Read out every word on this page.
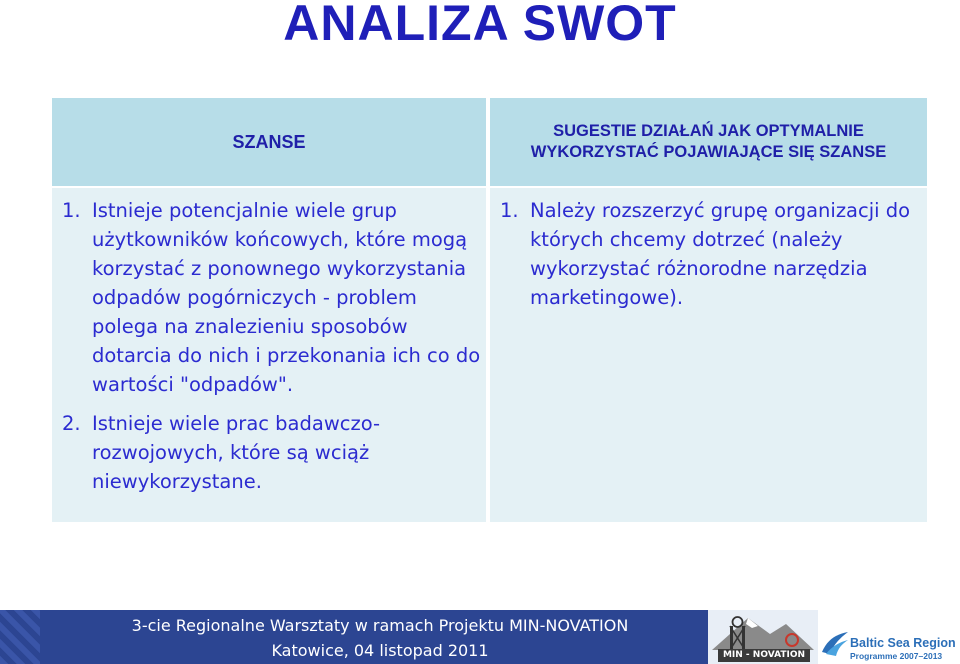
ANALIZA SWOT
SZANSE
SUGESTIE DZIAŁAŃ JAK OPTYMALNIE
WYKORZYSTAĆ POJAWIAJĄCE SIĘ SZANSE
1. Istnieje potencjalnie wiele grup użytkowników końcowych, które mogą korzystać z ponownego wykorzystania odpadów pogórniczych - problem polega na znalezieniu sposobów dotarcia do nich i przekonania ich co do wartości "odpadów".
2. Istnieje wiele prac badawczo-rozwojowych, które są wciąż niewykorzystane.
1. Należy rozszerzyć grupę organizacji do których chcemy dotrzeć (należy wykorzystać różnorodne narzędzia marketingowe).
3-cie Regionalne Warsztaty w ramach Projektu MIN-NOVATION
Katowice, 04 listopad 2011	MIN - NOVATION
Baltic Sea Region
Programme 2007–2013
